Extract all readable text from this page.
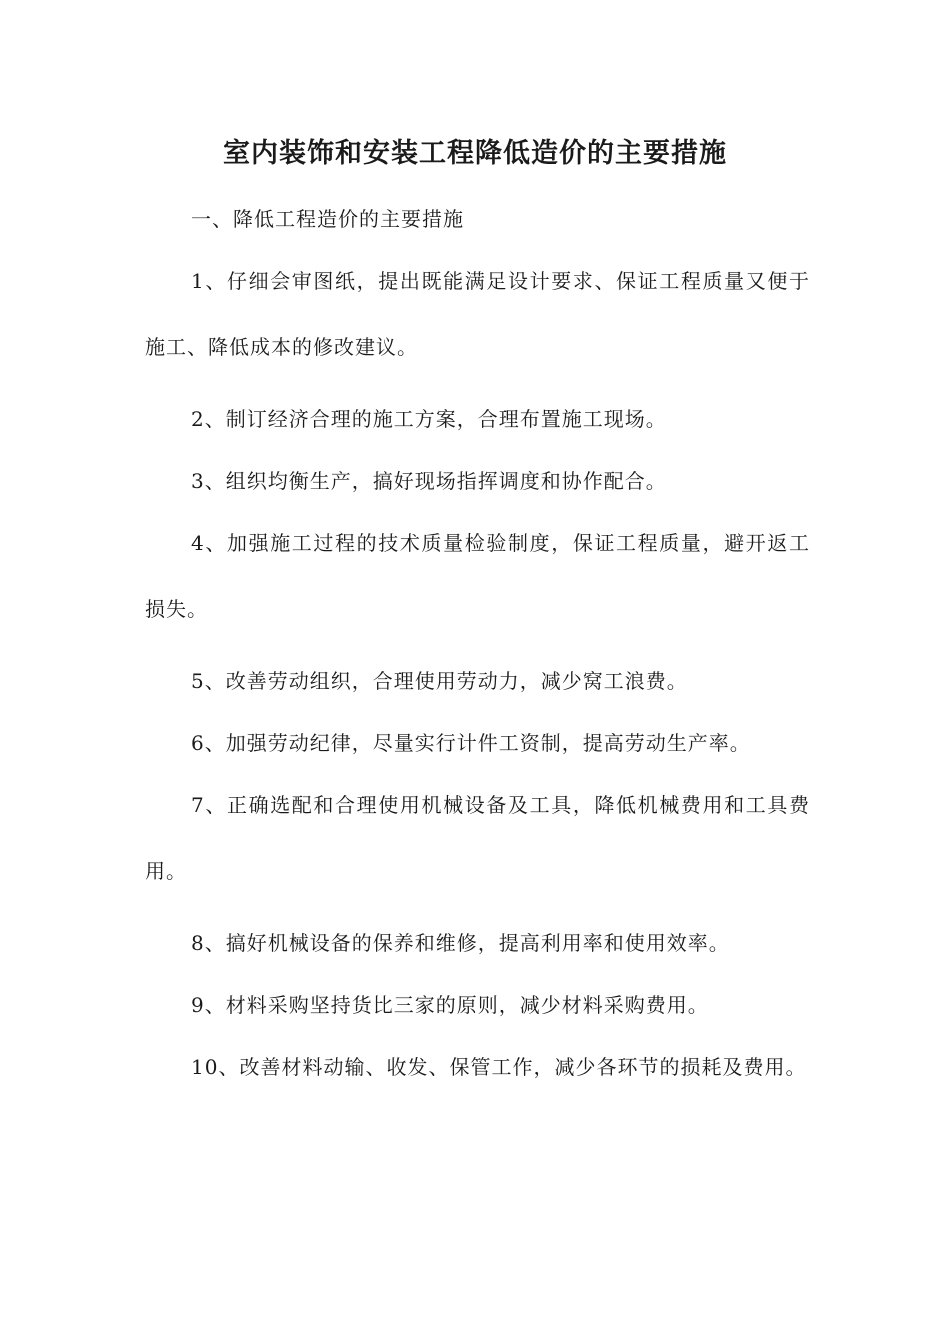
室内装饰和安装工程降低造价的主要措施

一、降低工程造价的主要措施

1、仔细会审图纸，提出既能满足设计要求、保证工程质量又便于施工、降低成本的修改建议。

2、制订经济合理的施工方案，合理布置施工现场。

3、组织均衡生产，搞好现场指挥调度和协作配合。

4、加强施工过程的技术质量检验制度，保证工程质量，避开返工损失。

5、改善劳动组织，合理使用劳动力，减少窝工浪费。

6、加强劳动纪律，尽量实行计件工资制，提高劳动生产率。

7、正确选配和合理使用机械设备及工具，降低机械费用和工具费用。

8、搞好机械设备的保养和维修，提高利用率和使用效率。

9、材料采购坚持货比三家的原则，减少材料采购费用。

10、改善材料动输、收发、保管工作，减少各环节的损耗及费用。
